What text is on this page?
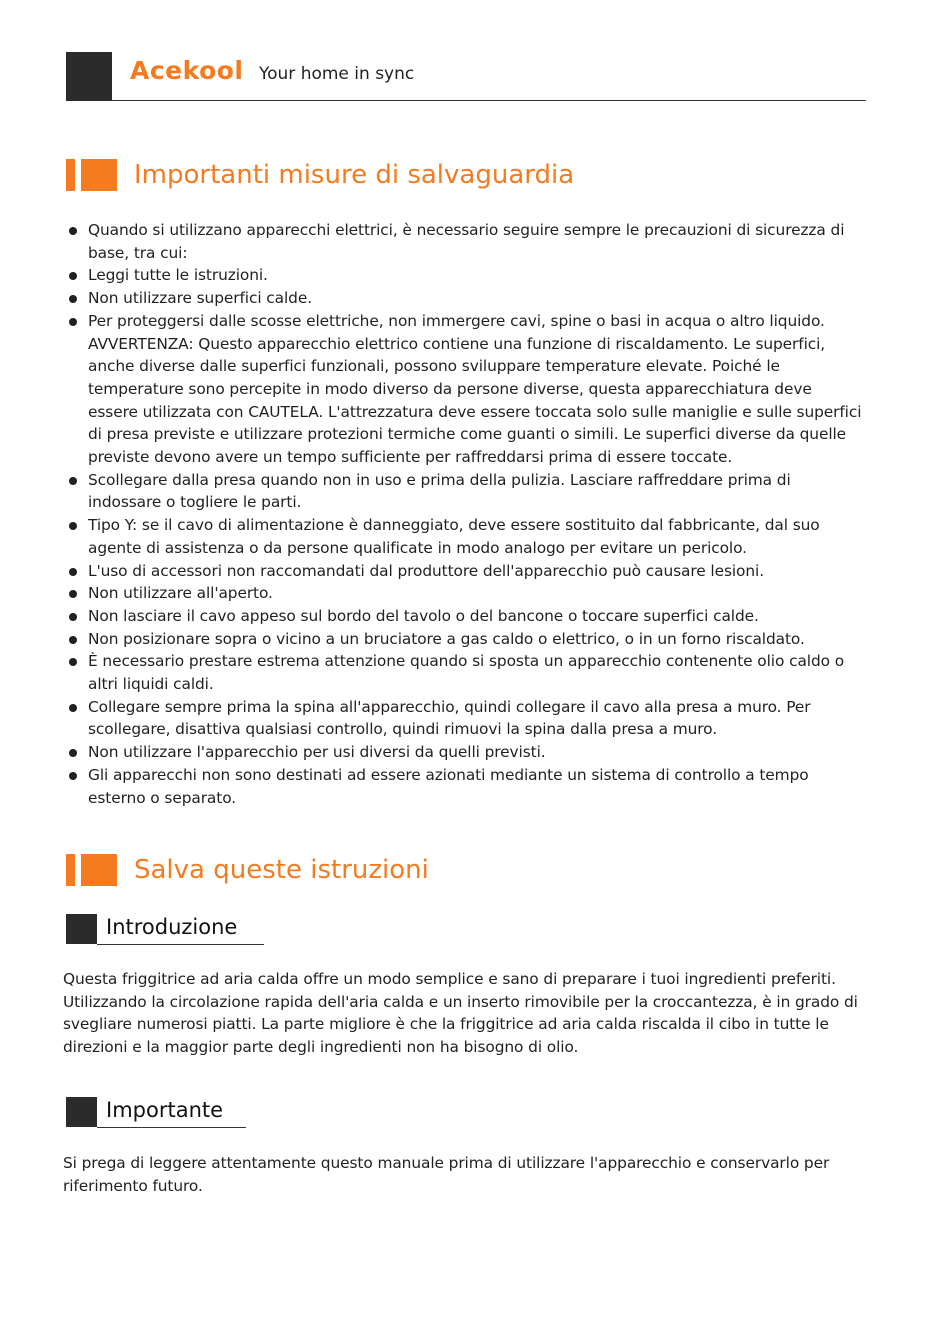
Acekool Your home in sync
Importanti misure di salvaguardia
Quando si utilizzano apparecchi elettrici, è necessario seguire sempre le precauzioni di sicurezza di base, tra cui:
Leggi tutte le istruzioni.
Non utilizzare superfici calde.
Per proteggersi dalle scosse elettriche, non immergere cavi, spine o basi in acqua o altro liquido. AVVERTENZA: Questo apparecchio elettrico contiene una funzione di riscaldamento. Le superfici, anche diverse dalle superfici funzionali, possono sviluppare temperature elevate. Poiché le temperature sono percepite in modo diverso da persone diverse, questa apparecchiatura deve essere utilizzata con CAUTELA. L'attrezzatura deve essere toccata solo sulle maniglie e sulle superfici di presa previste e utilizzare protezioni termiche come guanti o simili. Le superfici diverse da quelle previste devono avere un tempo sufficiente per raffreddarsi prima di essere toccate.
Scollegare dalla presa quando non in uso e prima della pulizia. Lasciare raffreddare prima di indossare o togliere le parti.
Tipo Y: se il cavo di alimentazione è danneggiato, deve essere sostituito dal fabbricante, dal suo agente di assistenza o da persone qualificate in modo analogo per evitare un pericolo.
L'uso di accessori non raccomandati dal produttore dell'apparecchio può causare lesioni.
Non utilizzare all'aperto.
Non lasciare il cavo appeso sul bordo del tavolo o del bancone o toccare superfici calde.
Non posizionare sopra o vicino a un bruciatore a gas caldo o elettrico, o in un forno riscaldato.
È necessario prestare estrema attenzione quando si sposta un apparecchio contenente olio caldo o altri liquidi caldi.
Collegare sempre prima la spina all'apparecchio, quindi collegare il cavo alla presa a muro. Per scollegare, disattiva qualsiasi controllo, quindi rimuovi la spina dalla presa a muro.
Non utilizzare l'apparecchio per usi diversi da quelli previsti.
Gli apparecchi non sono destinati ad essere azionati mediante un sistema di controllo a tempo esterno o separato.
Salva queste istruzioni
Introduzione

Questa friggitrice ad aria calda offre un modo semplice e sano di preparare i tuoi ingredienti preferiti. Utilizzando la circolazione rapida dell'aria calda e un inserto rimovibile per la croccantezza, è in grado di svegliare numerosi piatti. La parte migliore è che la friggitrice ad aria calda riscalda il cibo in tutte le direzioni e la maggior parte degli ingredienti non ha bisogno di olio.

Importante

Si prega di leggere attentamente questo manuale prima di utilizzare l'apparecchio e conservarlo per riferimento futuro.
